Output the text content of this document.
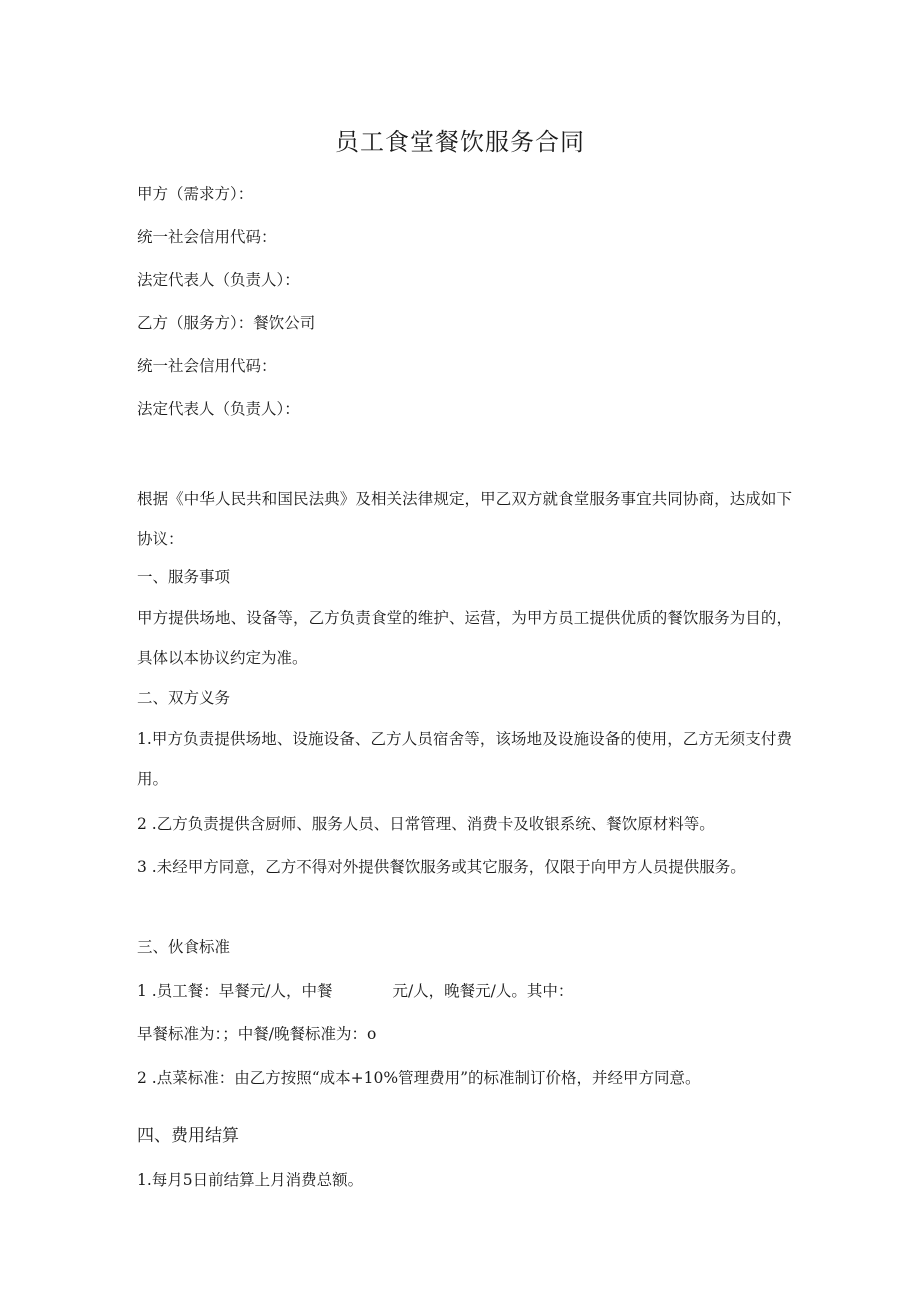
员工食堂餐饮服务合同
甲方（需求方）：
统一社会信用代码：
法定代表人（负责人）：
乙方（服务方）：餐饮公司
统一社会信用代码：
法定代表人（负责人）：
根据《中华人民共和国民法典》及相关法律规定，甲乙双方就食堂服务事宜共同协商，达成如下协议：
一、服务事项
甲方提供场地、设备等，乙方负责食堂的维护、运营，为甲方员工提供优质的餐饮服务为目的，具体以本协议约定为准。
二、双方义务
1.甲方负责提供场地、设施设备、乙方人员宿舍等，该场地及设施设备的使用，乙方无须支付费用。
2 .乙方负责提供含厨师、服务人员、日常管理、消费卡及收银系统、餐饮原材料等。
3 .未经甲方同意，乙方不得对外提供餐饮服务或其它服务，仅限于向甲方人员提供服务。
三、伙食标准
1 .员工餐：早餐元/人，中餐	元/人，晚餐元/人。其中：
早餐标准为：；中餐/晚餐标准为：o
2 .点菜标准：由乙方按照“成本+10%管理费用”的标准制订价格，并经甲方同意。
四、费用结算
1.每月5日前结算上月消费总额。
